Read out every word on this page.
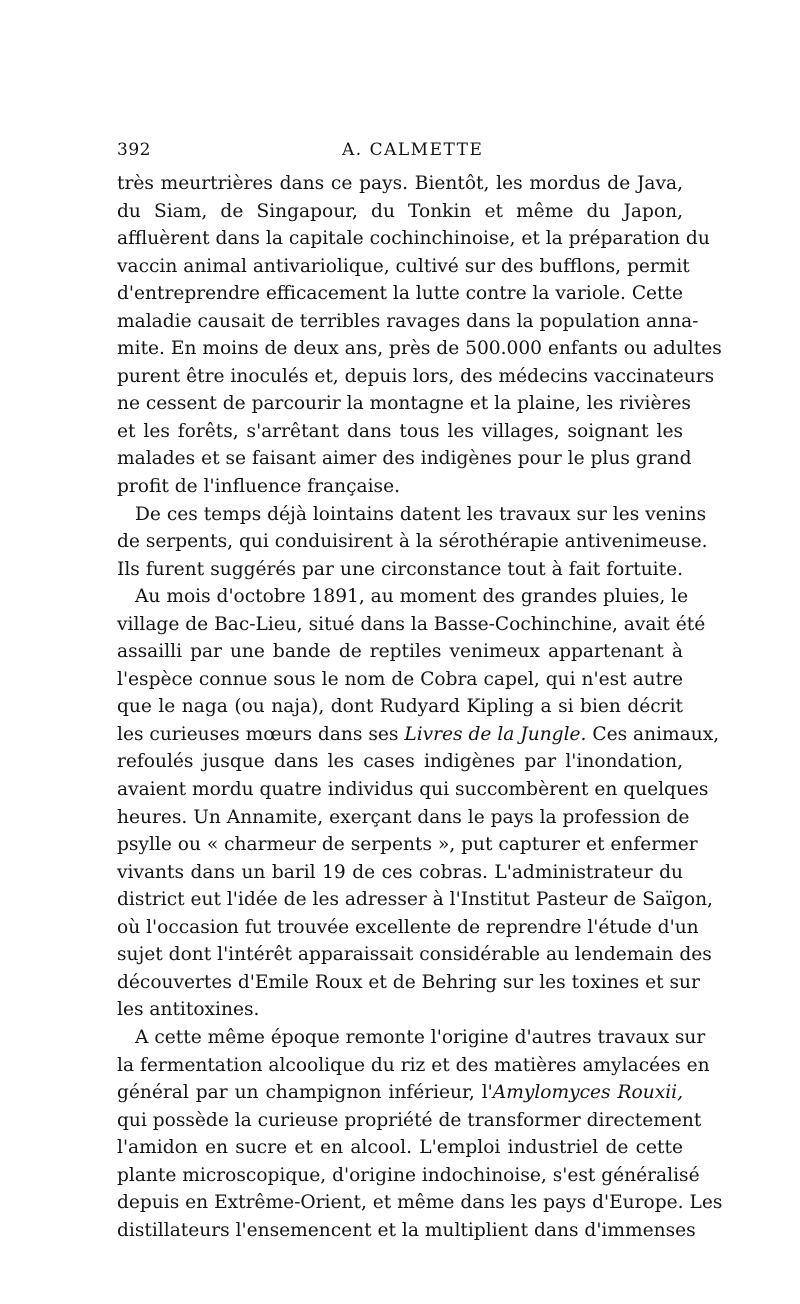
392	A. CALMETTE
très meurtrières dans ce pays. Bientôt, les mordus de Java,
du Siam, de Singapour, du Tonkin et même du Japon,
affluèrent dans la capitale cochinchinoise, et la préparation du
vaccin animal antivariolique, cultivé sur des bufflons, permit
d'entreprendre efficacement la lutte contre la variole. Cette
maladie causait de terribles ravages dans la population anna-
mite. En moins de deux ans, près de 500.000 enfants ou adultes
purent être inoculés et, depuis lors, des médecins vaccinateurs
ne cessent de parcourir la montagne et la plaine, les rivières
et les forêts, s'arrêtant dans tous les villages, soignant les
malades et se faisant aimer des indigènes pour le plus grand
profit de l'influence française.
De ces temps déjà lointains datent les travaux sur les venins
de serpents, qui conduisirent à la sérothérapie antivenimeuse.
Ils furent suggérés par une circonstance tout à fait fortuite.
Au mois d'octobre 1891, au moment des grandes pluies, le
village de Bac-Lieu, situé dans la Basse-Cochinchine, avait été
assailli par une bande de reptiles venimeux appartenant à
l'espèce connue sous le nom de Cobra capel, qui n'est autre
que le naga (ou naja), dont Rudyard Kipling a si bien décrit
les curieuses mœurs dans ses Livres de la Jungle. Ces animaux,
refoulés jusque dans les cases indigènes par l'inondation,
avaient mordu quatre individus qui succombèrent en quelques
heures. Un Annamite, exerçant dans le pays la profession de
psylle ou « charmeur de serpents », put capturer et enfermer
vivants dans un baril 19 de ces cobras. L'administrateur du
district eut l'idée de les adresser à l'Institut Pasteur de Saïgon,
où l'occasion fut trouvée excellente de reprendre l'étude d'un
sujet dont l'intérêt apparaissait considérable au lendemain des
découvertes d'Emile Roux et de Behring sur les toxines et sur
les antitoxines.
A cette même époque remonte l'origine d'autres travaux sur
la fermentation alcoolique du riz et des matières amylacées en
général par un champignon inférieur, l'Amylomyces Rouxii,
qui possède la curieuse propriété de transformer directement
l'amidon en sucre et en alcool. L'emploi industriel de cette
plante microscopique, d'origine indochinoise, s'est généralisé
depuis en Extrême-Orient, et même dans les pays d'Europe. Les
distillateurs l'ensemencent et la multiplient dans d'immenses
